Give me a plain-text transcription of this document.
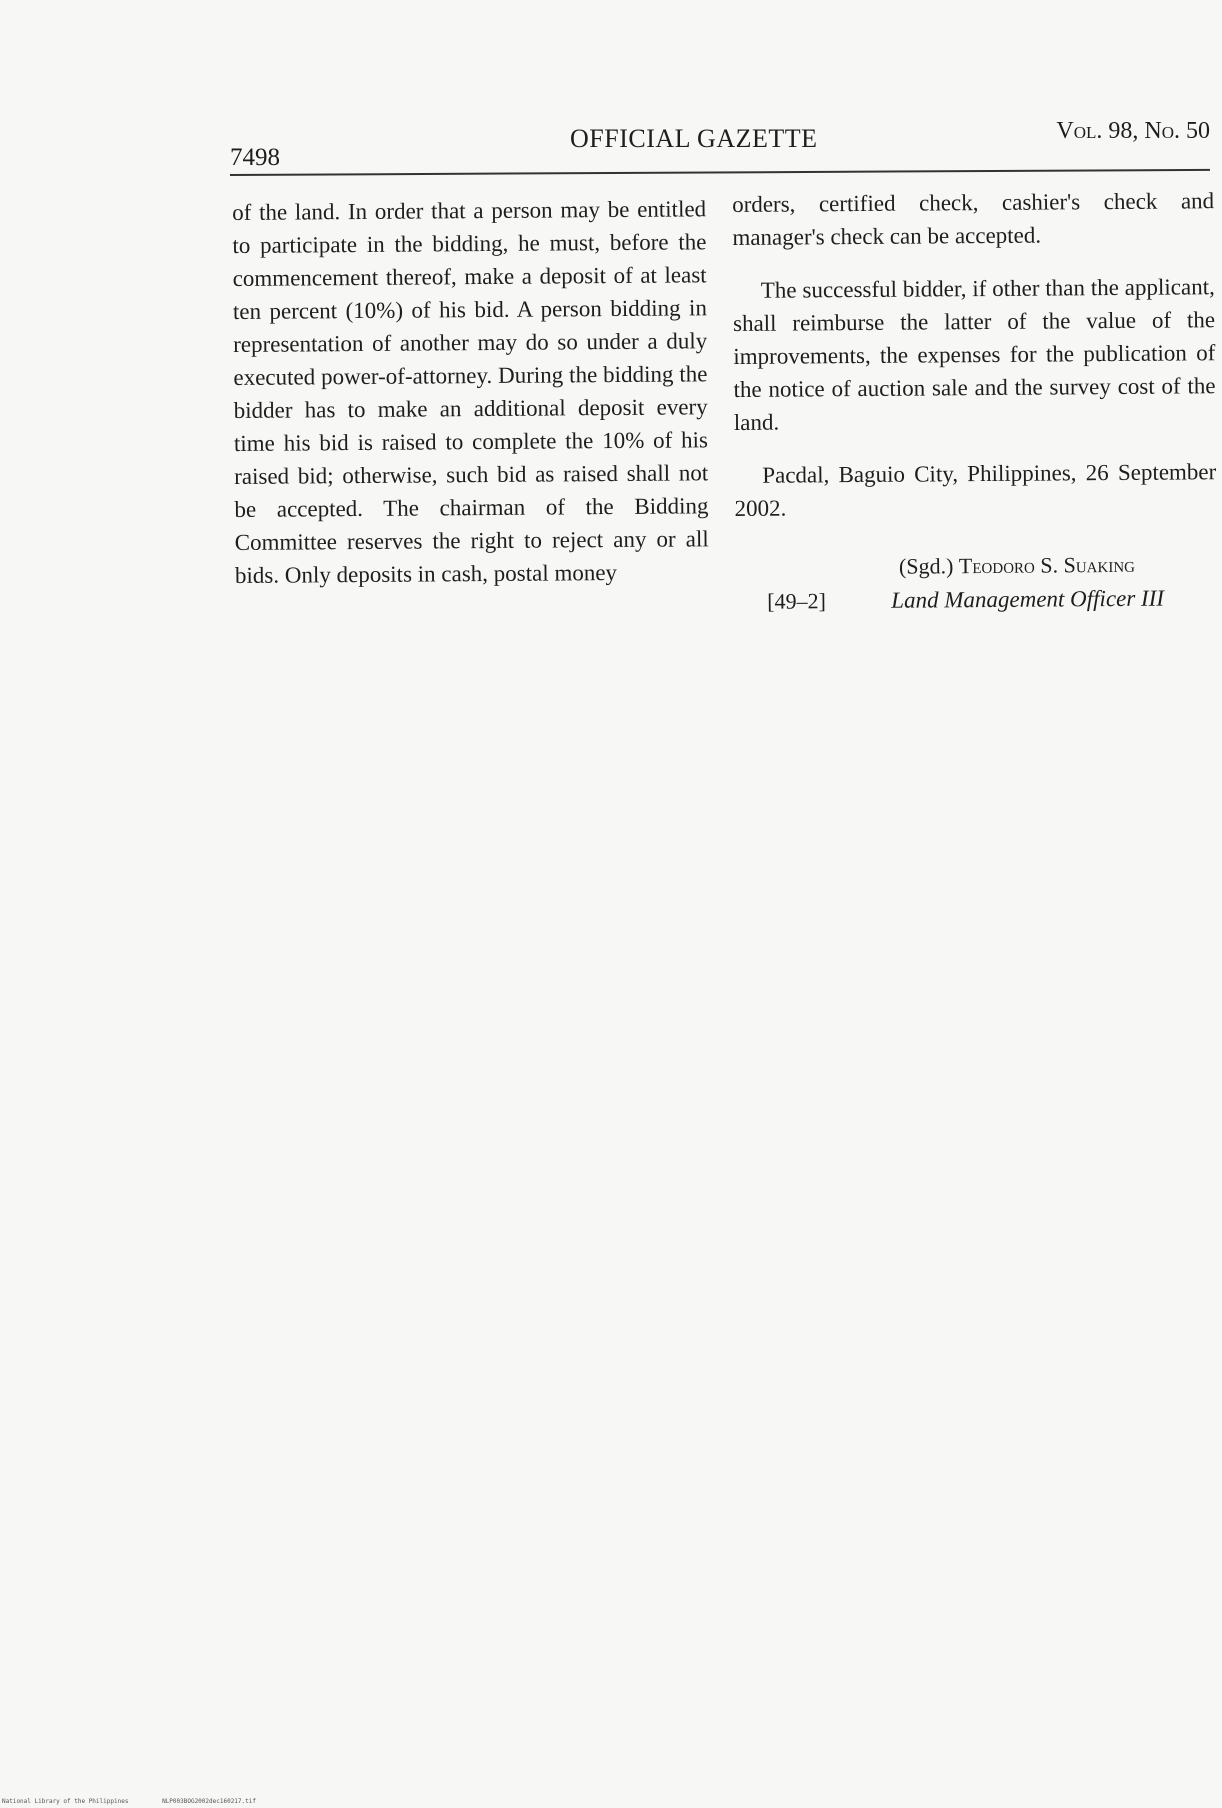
7498
OFFICIAL GAZETTE	Vol. 98, No. 50

of the land. In order that a person may be entitled to participate in the bidding, he must, before the commencement thereof, make a deposit of at least ten percent (10%) of his bid. A person bidding in representation of another may do so under a duly executed power-of-attorney. During the bidding the bidder has to make an additional deposit every time his bid is raised to complete the 10% of his raised bid; otherwise, such bid as raised shall not be accepted. The chairman of the Bidding Committee reserves the right to reject any or all bids. Only deposits in cash, postal money

orders, certified check, cashier's check and manager's check can be accepted.

The successful bidder, if other than the applicant, shall reimburse the latter of the value of the improvements, the expenses for the publication of the notice of auction sale and the survey cost of the land.

Pacdal, Baguio City, Philippines, 26 September 2002.

(Sgd.) Teodoro S. Suaking
[49–2]	Land Management Officer III
National Library of the Philippines	NLP003BOG2002dec160217.tif
